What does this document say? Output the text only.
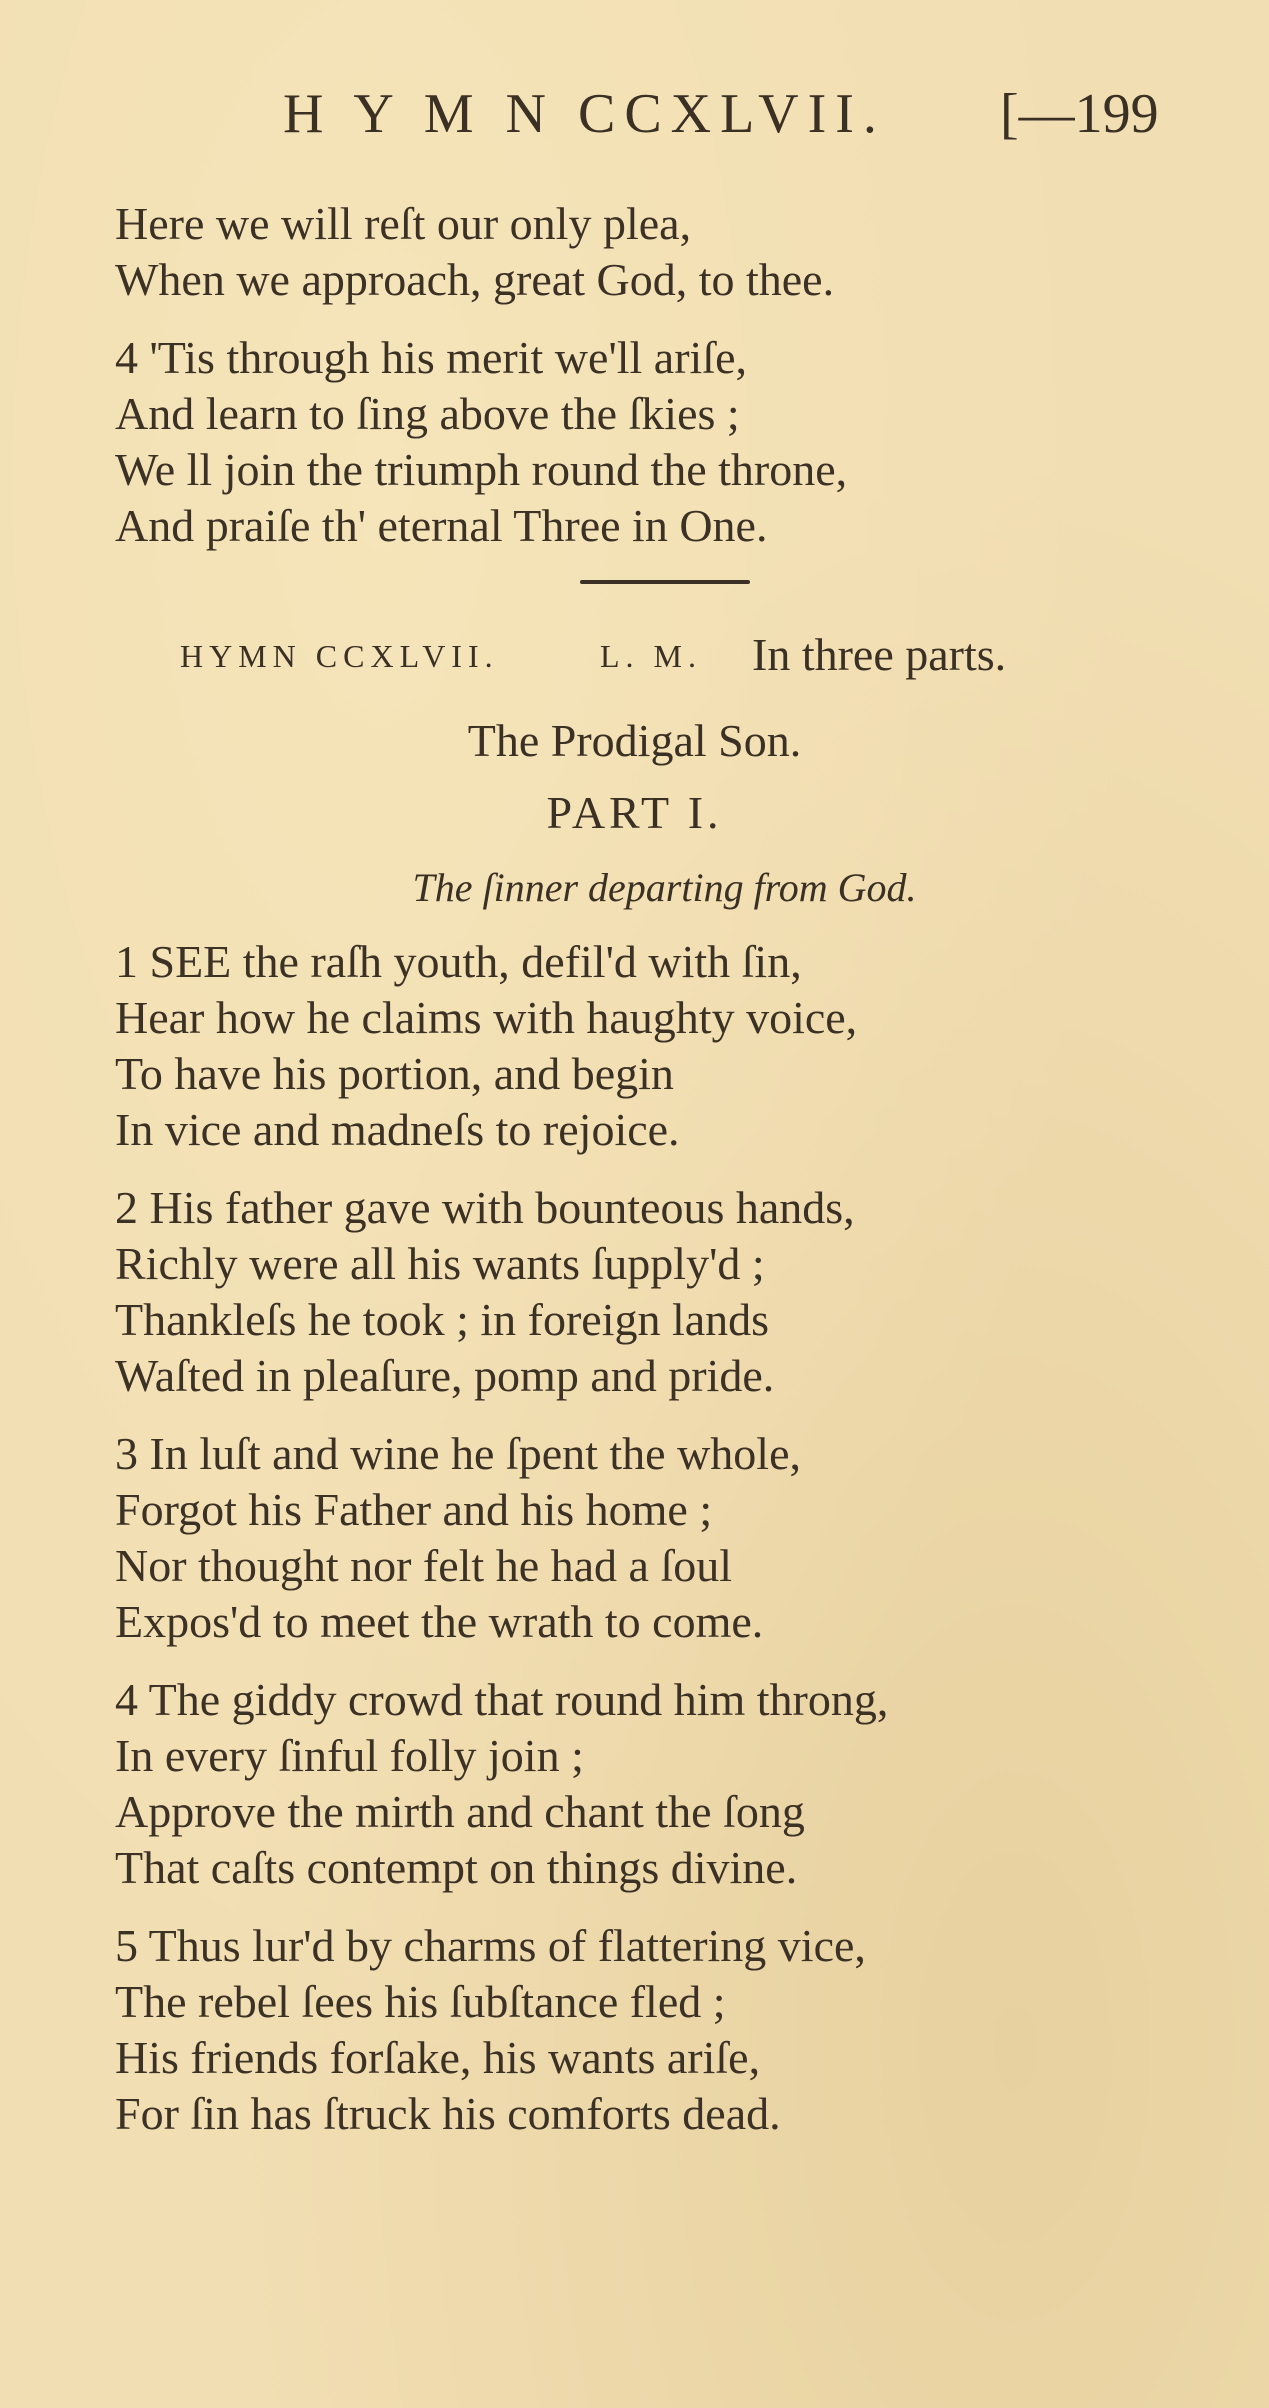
H Y M N CCXLVII. [—199
Here we will reſt our only plea,
When we approach, great God, to thee.
4 'Tis through his merit we'll ariſe,
And learn to ſing above the ſkies ;
We ll join the triumph round the throne,
And praiſe th' eternal Three in One.
HYMN CCXLVII.	L. M. In three parts.
The Prodigal Son.
PART I.
The ſinner departing from God.
1 SEE the raſh youth, defil'd with ſin,
Hear how he claims with haughty voice,
To have his portion, and begin
In vice and madneſs to rejoice.
2 His father gave with bounteous hands,
Richly were all his wants ſupply'd ;
Thankleſs he took ; in foreign lands
Waſted in pleaſure, pomp and pride.
3 In luſt and wine he ſpent the whole,
Forgot his Father and his home ;
Nor thought nor felt he had a ſoul
Expos'd to meet the wrath to come.
4 The giddy crowd that round him throng,
In every ſinful folly join ;
Approve the mirth and chant the ſong
That caſts contempt on things divine.
5 Thus lur'd by charms of flattering vice,
The rebel ſees his ſubſtance fled ;
His friends forſake, his wants ariſe,
For ſin has ſtruck his comforts dead.
